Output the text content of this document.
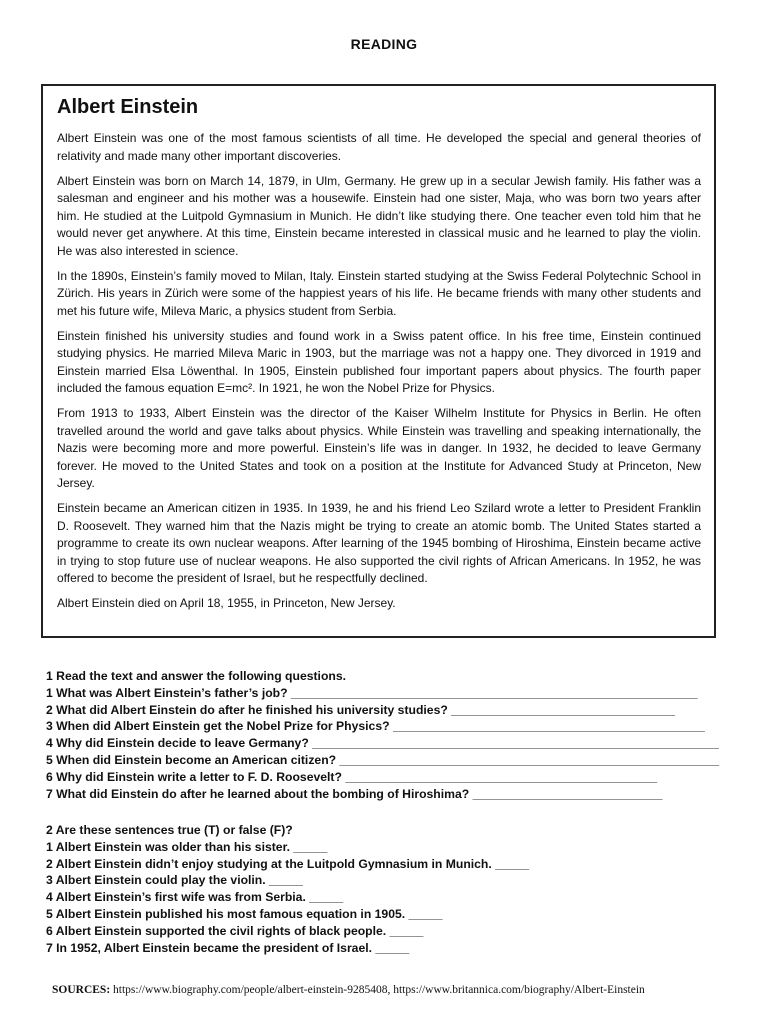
READING
Albert Einstein

Albert Einstein was one of the most famous scientists of all time. He developed the special and general theories of relativity and made many other important discoveries.

Albert Einstein was born on March 14, 1879, in Ulm, Germany. He grew up in a secular Jewish family. His father was a salesman and engineer and his mother was a housewife. Einstein had one sister, Maja, who was born two years after him. He studied at the Luitpold Gymnasium in Munich. He didn’t like studying there. One teacher even told him that he would never get anywhere. At this time, Einstein became interested in classical music and he learned to play the violin. He was also interested in science.

In the 1890s, Einstein’s family moved to Milan, Italy. Einstein started studying at the Swiss Federal Polytechnic School in Zürich. His years in Zürich were some of the happiest years of his life. He became friends with many other students and met his future wife, Mileva Maric, a physics student from Serbia.

Einstein finished his university studies and found work in a Swiss patent office. In his free time, Einstein continued studying physics. He married Mileva Maric in 1903, but the marriage was not a happy one. They divorced in 1919 and Einstein married Elsa Löwenthal. In 1905, Einstein published four important papers about physics. The fourth paper included the famous equation E=mc². In 1921, he won the Nobel Prize for Physics.

From 1913 to 1933, Albert Einstein was the director of the Kaiser Wilhelm Institute for Physics in Berlin. He often travelled around the world and gave talks about physics. While Einstein was travelling and speaking internationally, the Nazis were becoming more and more powerful. Einstein’s life was in danger. In 1932, he decided to leave Germany forever. He moved to the United States and took on a position at the Institute for Advanced Study at Princeton, New Jersey.

Einstein became an American citizen in 1935. In 1939, he and his friend Leo Szilard wrote a letter to President Franklin D. Roosevelt. They warned him that the Nazis might be trying to create an atomic bomb. The United States started a programme to create its own nuclear weapons. After learning of the 1945 bombing of Hiroshima, Einstein became active in trying to stop future use of nuclear weapons. He also supported the civil rights of African Americans. In 1952, he was offered to become the president of Israel, but he respectfully declined.

Albert Einstein died on April 18, 1955, in Princeton, New Jersey.

1 Read the text and answer the following questions.
1 What was Albert Einstein’s father’s job? ____________________________________________________________
2 What did Albert Einstein do after he finished his university studies? _________________________________
3 When did Albert Einstein get the Nobel Prize for Physics? ______________________________________________
4 Why did Einstein decide to leave Germany? ____________________________________________________________
5 When did Einstein become an American citizen? ________________________________________________________
6 Why did Einstein write a letter to F. D. Roosevelt? ______________________________________________
7 What did Einstein do after he learned about the bombing of Hiroshima? ____________________________
2 Are these sentences true (T) or false (F)?
1 Albert Einstein was older than his sister. _____
2 Albert Einstein didn’t enjoy studying at the Luitpold Gymnasium in Munich. _____
3 Albert Einstein could play the violin. _____
4 Albert Einstein’s first wife was from Serbia. _____
5 Albert Einstein published his most famous equation in 1905. _____
6 Albert Einstein supported the civil rights of black people. _____
7 In 1952, Albert Einstein became the president of Israel. _____
SOURCES: https://www.biography.com/people/albert-einstein-9285408, https://www.britannica.com/biography/Albert-Einstein
